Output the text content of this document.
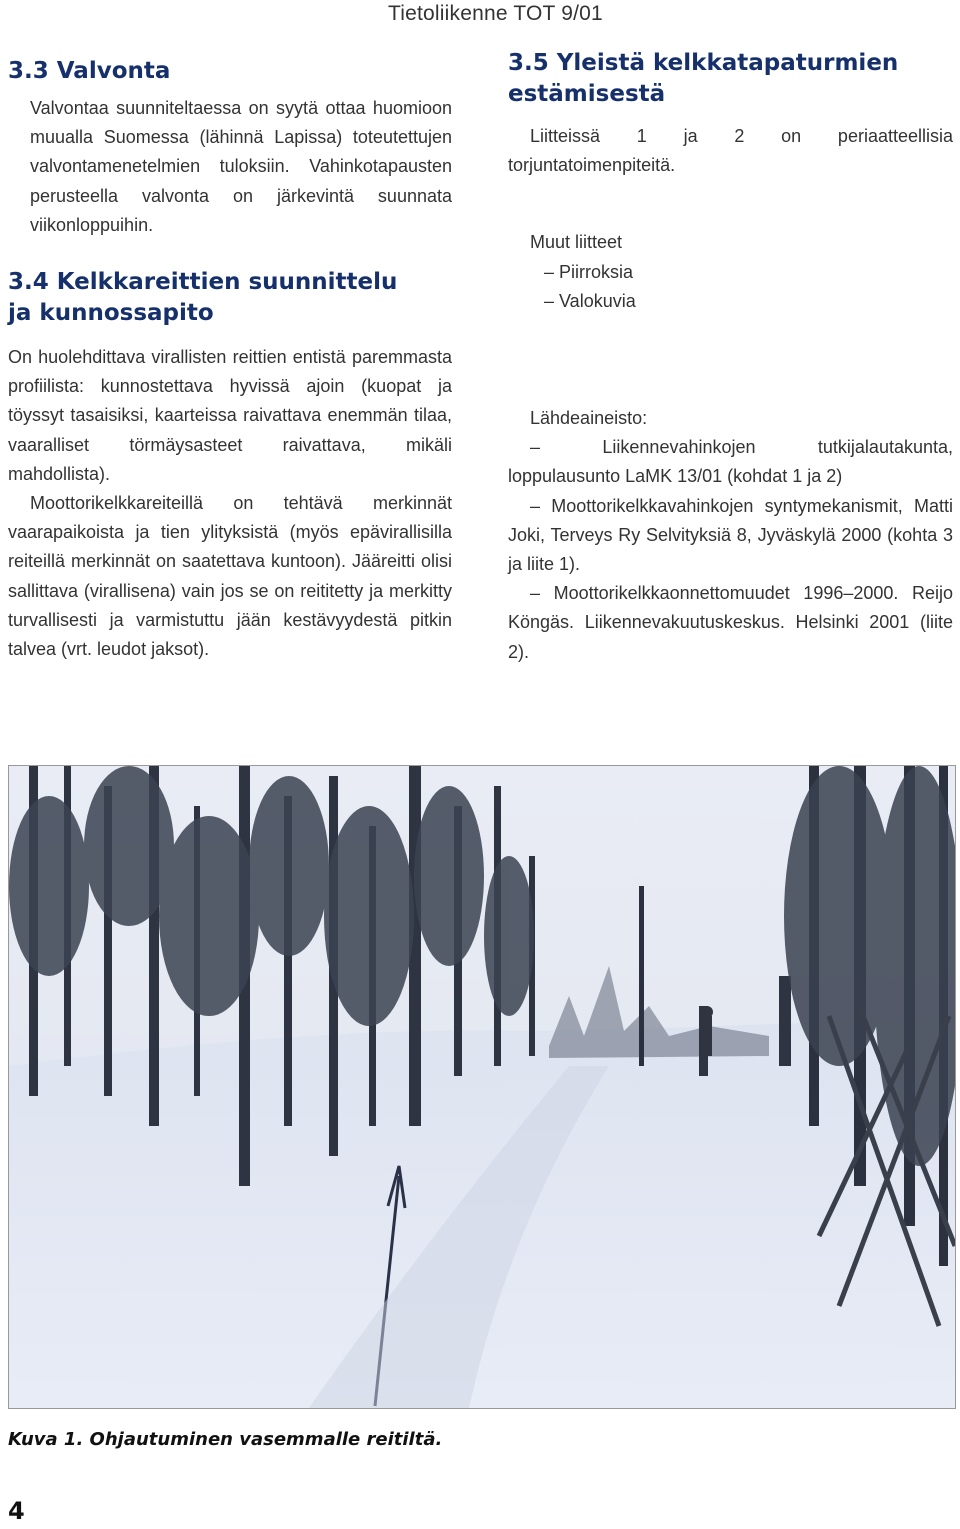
Tietoliikenne TOT 9/01
3.3 Valvonta

Valvontaa suunniteltaessa on syytä ottaa huomioon muualla Suomessa (lähinnä Lapissa) toteutettujen valvontamenetelmien tuloksiin. Vahinkotapausten perusteella valvonta on järkevintä suunnata viikonloppuihin.

3.4 Kelkkareittien suunnittelu
ja kunnossapito

On huolehdittava virallisten reittien entistä paremmasta profiilista: kunnostettava hyvissä ajoin (kuopat ja töyssyt tasaisiksi, kaarteissa raivattava enemmän tilaa, vaaralliset törmäysasteet raivattava, mikäli mahdollista).

Moottorikelkkareiteillä on tehtävä merkinnät vaarapaikoista ja tien ylityksistä (myös epävirallisilla reiteillä merkinnät on saatettava kuntoon). Jääreitti olisi sallittava (virallisena) vain jos se on reititetty ja merkitty turvallisesti ja varmistuttu jään kestävyydestä pitkin talvea (vrt. leudot jaksot).

3.5 Yleistä kelkkatapaturmien
estämisestä

Liitteissä 1 ja 2 on periaatteellisia torjuntatoimenpiteitä.

Muut liitteet
– Piirroksia
– Valokuvia
Lähdeaineisto:

– Liikennevahinkojen tutkijalautakunta, loppulausunto LaMK 13/01 (kohdat 1 ja 2)

– Moottorikelkkavahinkojen syntymekanismit, Matti Joki, Terveys Ry Selvityksiä 8, Jyväskylä 2000 (kohta 3 ja liite 1).

– Moottorikelkkaonnettomuudet 1996–2000. Reijo Köngäs. Liikennevakuutuskeskus. Helsinki 2001 (liite 2).

Kuva 1. Ohjautuminen vasemmalle reitiltä.
4
